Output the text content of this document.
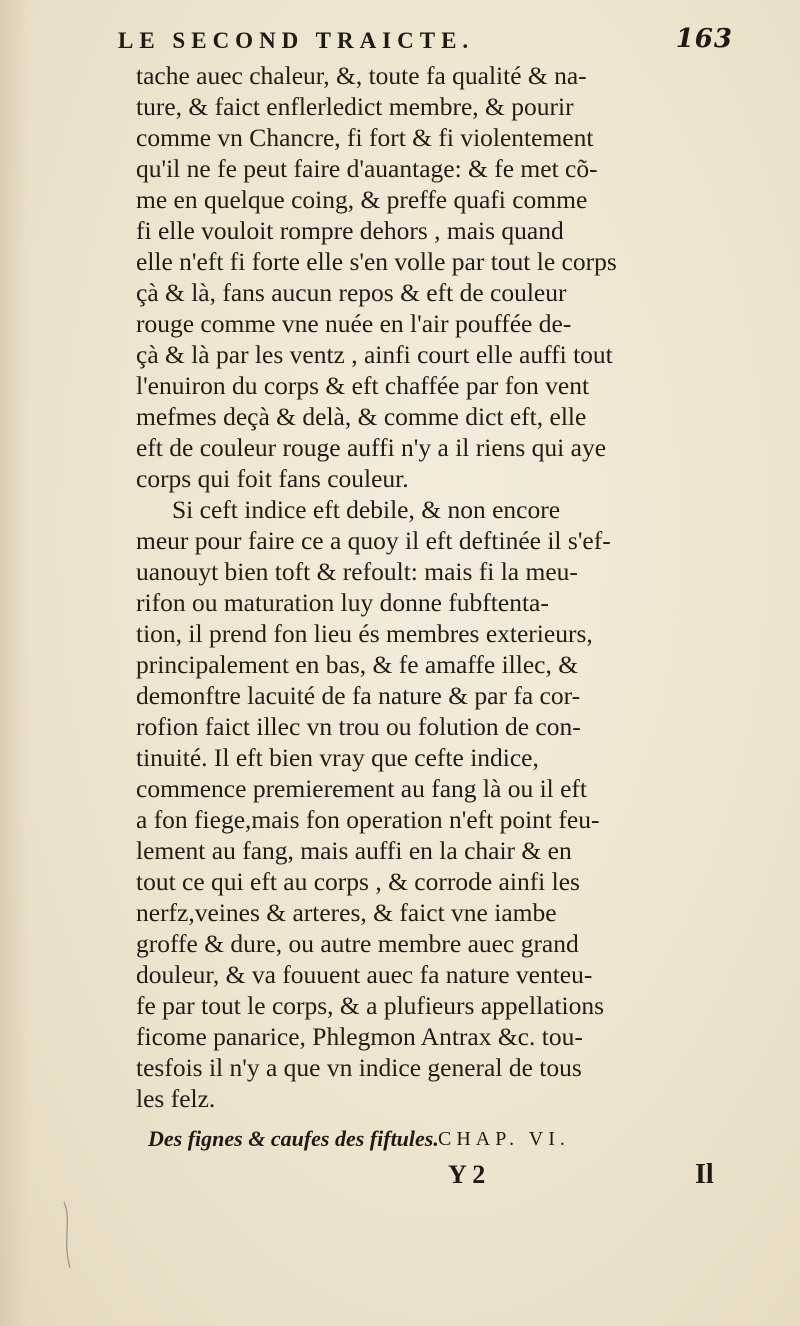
LE SECOND TRAICTE.	163
tache auec chaleur, &, toute fa qualité & na-
ture, & faict enflerledict membre, & pourir
comme vn Chancre, fi fort & fi violentement
qu'il ne fe peut faire d'auantage: & fe met cõ-
me en quelque coing, & preffe quafi comme
fi elle vouloit rompre dehors , mais quand
elle n'eft fi forte elle s'en volle par tout le corps
çà & là, fans aucun repos & eft de couleur
rouge comme vne nuée en l'air pouffée de-
çà & là par les ventz , ainfi court elle auffi tout
l'enuiron du corps & eft chaffée par fon vent
mefmes deçà & delà, & comme dict eft, elle
eft de couleur rouge auffi n'y a il riens qui aye
corps qui foit fans couleur.
Si ceft indice eft debile, & non encore
meur pour faire ce a quoy il eft deftinée il s'ef-
uanouyt bien toft & refoult: mais fi la meu-
rifon ou maturation luy donne fubftenta-
tion, il prend fon lieu és membres exterieurs,
principalement en bas, & fe amaffe illec, &
demonftre lacuité de fa nature & par fa cor-
rofion faict illec vn trou ou folution de con-
tinuité. Il eft bien vray que cefte indice,
commence premierement au fang là ou il eft
a fon fiege,mais fon operation n'eft point feu-
lement au fang, mais auffi en la chair & en
tout ce qui eft au corps , & corrode ainfi les
nerfz,veines & arteres, & faict vne iambe
groffe & dure, ou autre membre auec grand
douleur, & va fouuent auec fa nature venteu-
fe par tout le corps, & a plufieurs appellations
ficome panarice, Phlegmon Antrax &c. tou-
tesfois il n'y a que vn indice general de tous
les felz.
Des fignes & caufes des fiftules. CHAP. VI.
Y 2	Il
